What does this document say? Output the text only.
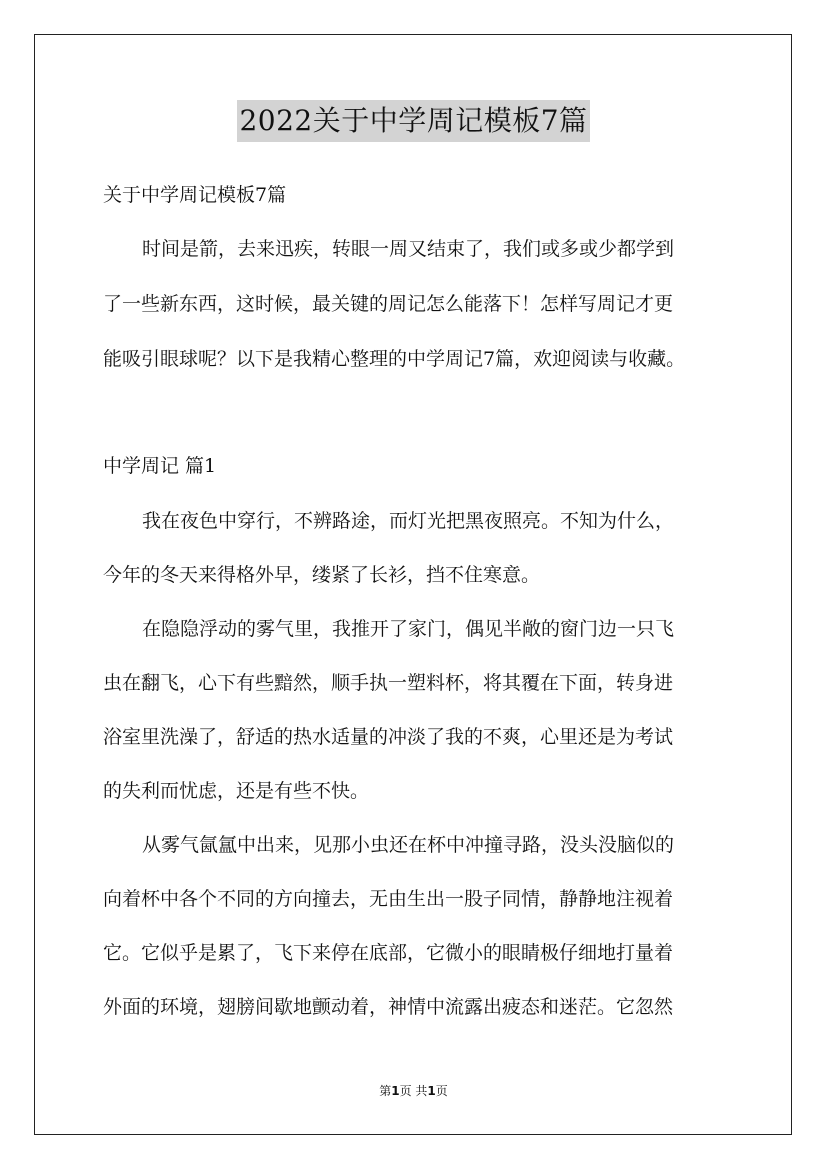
2022关于中学周记模板7篇
关于中学周记模板7篇
时间是箭，去来迅疾，转眼一周又结束了，我们或多或少都学到
了一些新东西，这时候，最关键的周记怎么能落下！怎样写周记才更
能吸引眼球呢？以下是我精心整理的中学周记7篇，欢迎阅读与收藏。
中学周记 篇1
我在夜色中穿行，不辨路途，而灯光把黑夜照亮。不知为什么，
今年的冬天来得格外早，缕紧了长衫，挡不住寒意。
在隐隐浮动的雾气里，我推开了家门，偶见半敞的窗门边一只飞
虫在翻飞，心下有些黯然，顺手执一塑料杯，将其覆在下面，转身进
浴室里洗澡了，舒适的热水适量的冲淡了我的不爽，心里还是为考试
的失利而忧虑，还是有些不快。
从雾气氤氲中出来，见那小虫还在杯中冲撞寻路，没头没脑似的
向着杯中各个不同的方向撞去，无由生出一股子同情，静静地注视着
它。它似乎是累了，飞下来停在底部，它微小的眼睛极仔细地打量着
外面的环境，翅膀间歇地颤动着，神情中流露出疲态和迷茫。它忽然
第1页 共1页
